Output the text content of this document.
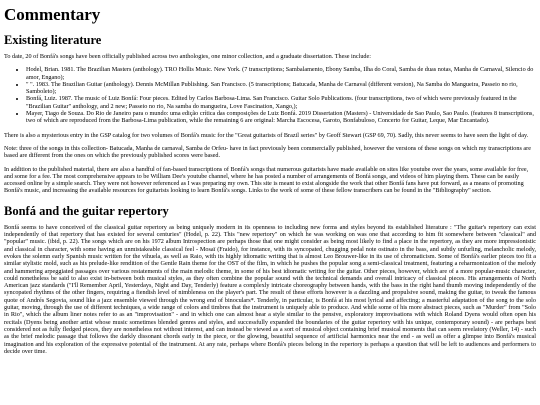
Commentary
Existing literature

To date, 20 of Bonfá's songs have been officially published across two anthologies, one minor collection, and a graduate dissertation. These include:

• Hodel, Brian. 1981. The Brazilian Masters (anthology). TRO Hollis Music. New York. (7 transcriptions; Sambalamento, Ebony Samba, Ilha do Coral, Samba de duas notas, Manha de Carnaval, Silencio do amor, Engano);
• " ". 1983. The Brazilian Guitar (anthology). Dennis McMillan Publishing. San Francisco. (5 transcriptions; Batucada, Manha de Carnaval (different version), Na Samba do Mangueira, Passeio no rio, Samboleto);
• Bonfá, Luiz. 1987. The music of Luiz Bonfá: Four pieces. Edited by Carlos Barbosa-Lima. San Francisco. Guitar Solo Publications. (four transcriptions, two of which were previously featured in the "Brazilian Guitar" anthology, and 2 new; Passeio no rio, Na samba do mangueira, Love Fascination, Xango,);
• Mayer, Tiago de Souza. Do Rio de Janeiro para o mundo: uma edição crítica das composições de Luiz Bonfá. 2019 Dissertation (Masters) - Universidade de Sao Paulo, Sao Paulo. (features 8 transcriptions, two of which are reproduced from the Barbosa-Lima publication, while the remaining 6 are original: Marcha Escocesa, Garoto, Bonfabuloso, Concerto for Guitar, Leque, Mar Encantado).

There is also a mysterious entry in the GSP catalog for two volumes of Bonfá's music for the "Great guitarists of Brazil series" by Geoff Stewart (GSP 69, 70). Sadly, this never seems to have seen the light of day.

Note: three of the songs in this collection- Batucada, Manha de carnaval, Samba de Orfeu- have in fact previously been commercially published, however the versions of these songs on which my transcriptions are based are different from the ones on which the previously published scores were based.

In addition to the published material, there are also a handful of fan-based transcriptions of Bonfá's songs that numerous guitarists have made available on sites like youtube over the years, some available for free, and some for a fee. The most comprehensive appears to be William Dee's youtube channel, where he has posted a number of arrangements of Bonfá songs, and videos of him playing them. These can be easily accessed online by a simple search. They were not however referenced as I was preparing my own. This site is meant to exist alongside the work that other Bonfá fans have put forward, as a means of promoting Bonfá's music, and increasing the available resources for guitarists looking to learn Bonfá's songs. Links to the work of some of these fellow transcribers can be found in the "Bibliography" section.

Bonfá and the guitar repertory

Bonfá seems to have conceived of the classical guitar repertory as being uniquely modern in its openness to including new forms and styles beyond its established literature : "The guitar's repertory can exist independently of that repertory that has existed for several centuries" (Hodel, p. 22). This "new repertory" on which he was working on was one that according to him fit somewhere between "classical" and "popular" music. (ibid, p. 22). The songs which are on his 1972 album Introspection are perhaps those that one might consider as being most likely to find a place in the repertory, as they are more impressionistic and classical in character, with some having an unmistakeable classical feel - Mosaï (Fraido), for instance, with its syncopated, chugging pedal note ostinato in the bass, and subtly unfurling, melancholic melody, evokes the solemn early Spanish music written for the vihuela, as well as Raio, with its highly idiomatic writing that is almost Leo Brouwer-like in its use of chromaticism. Some of Bonfá's earlier pieces too fit a similar stylistic mold, such as his prelude-like rendition of the Gentle Rain theme for the OST of the film, in which he pushes the popular song a semi-classical treatment, featuring a reharmonization of the melody and hammering arpeggiated passages over various restatements of the main melodic theme, in some of his best idiomatic writing for the guitar. Other pieces, however, which are of a more popular-music character, could nonetheless be said to also exist in-between both musical styles, as they often combine the popular sound with the technical demands and overall intricacy of classical pieces. His arrangements of North American jazz standards ("I'll Remember April, Yesterdays, Night and Day, Tenderly) feature a complexly intricate choreography between hands, with the bass in the right hand thumb moving independently of the syncopated rhythms of the other fingers, requiring a fiendish level of nimbleness on the player's part. The result of these efforts however is a dazzling and propulsive sound, making the guitar, to tweak the famous quote of Andrés Segovia, sound like a jazz ensemble viewed through the wrong end of binoculars*. Tenderly, in particular, is Bonfá at his most lyrical and affecting; a masterful adaptation of the song to the solo guitar, moving, through the use of different techniques, a wide range of colors and timbres that the instrument is uniquely able to produce. And while some of his more abstract pieces, such as "Murder" from "Solo in Rio", which the album liner notes refer to as an "improvisation" - and in which one can almost hear a style similar to the pensive, exploratory improvisations with which Roland Dyens would often open his recitals (Dyens being another artist whose music sometimes blended genres and styles, and successfully expanded the boundaries of the guitar repertory with his unique, contemporary sound) - are perhaps best considered not as fully fledged pieces, they are nonetheless not without interest, and can instead be viewed as a sort of musical object containing brief musical moments that can seem revelatory (Weller, 14) - such as the brief melodic passage that follows the darkly dissonant chords early in the piece, or the glowing, beautiful sequence of artificial harmonics near the end - as well as offer a glimpse into Bonfá's musical imagination and his exploration of the expressive potential of the instrument. At any rate, perhaps where Bonfá's pieces belong in the repertory is perhaps a question that will be left to audiences and performers to decide over time.
